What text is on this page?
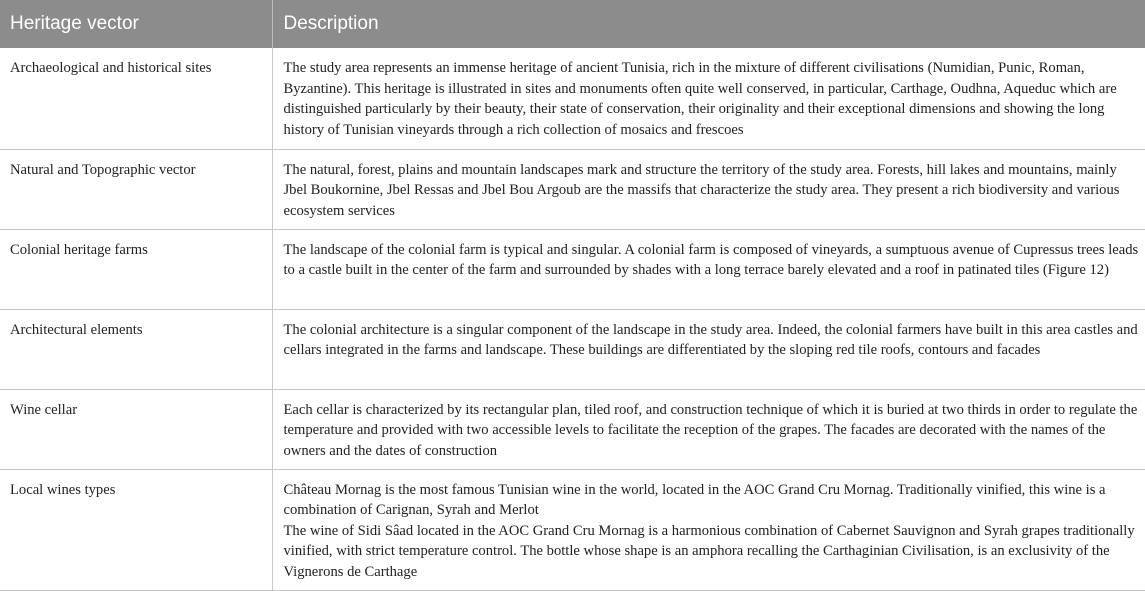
Heritage vector	Description
Archaeological and historical sites	The study area represents an immense heritage of ancient Tunisia, rich in the mixture of different civilisations (Numidian, Punic, Roman, Byzantine). This heritage is illustrated in sites and monuments often quite well conserved, in particular, Carthage, Oudhna, Aqueduc which are distinguished particularly by their beauty, their state of conservation, their originality and their exceptional dimensions and showing the long history of Tunisian vineyards through a rich collection of mosaics and frescoes
Natural and Topographic vector	The natural, forest, plains and mountain landscapes mark and structure the territory of the study area. Forests, hill lakes and mountains, mainly Jbel Boukornine, Jbel Ressas and Jbel Bou Argoub are the massifs that characterize the study area. They present a rich biodiversity and various ecosystem services
Colonial heritage farms	The landscape of the colonial farm is typical and singular. A colonial farm is composed of vineyards, a sumptuous avenue of Cupressus trees leads to a castle built in the center of the farm and surrounded by shades with a long terrace barely elevated and a roof in patinated tiles (Figure 12)
Architectural elements	The colonial architecture is a singular component of the landscape in the study area. Indeed, the colonial farmers have built in this area castles and cellars integrated in the farms and landscape. These buildings are differentiated by the sloping red tile roofs, contours and facades
Wine cellar	Each cellar is characterized by its rectangular plan, tiled roof, and construction technique of which it is buried at two thirds in order to regulate the temperature and provided with two accessible levels to facilitate the reception of the grapes. The facades are decorated with the names of the owners and the dates of construction
Local wines types	Château Mornag is the most famous Tunisian wine in the world, located in the AOC Grand Cru Mornag. Traditionally vinified, this wine is a combination of Carignan, Syrah and Merlot
The wine of Sidi Sâad located in the AOC Grand Cru Mornag is a harmonious combination of Cabernet Sauvignon and Syrah grapes traditionally vinified, with strict temperature control. The bottle whose shape is an amphora recalling the Carthaginian Civilisation, is an exclusivity of the Vignerons de Carthage
